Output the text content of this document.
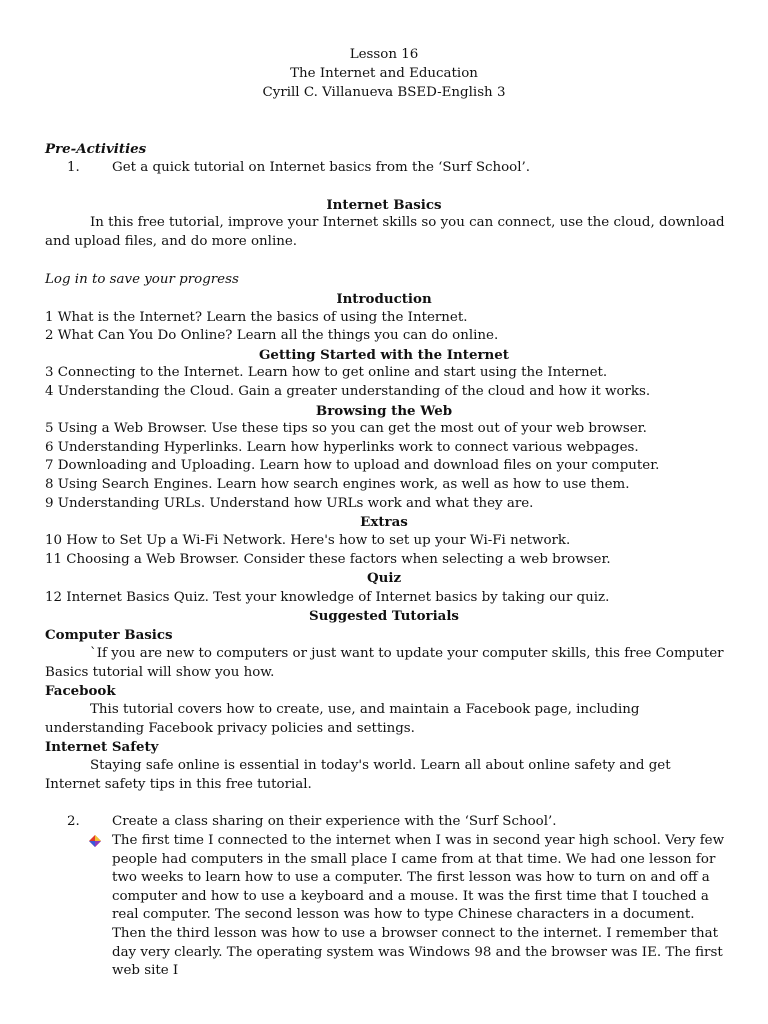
Lesson 16
The Internet and Education
Cyrill C. Villanueva BSED-English 3
Pre-Activities
1. Get a quick tutorial on Internet basics from the ‘Surf School’.
Internet Basics
In this free tutorial, improve your Internet skills so you can connect, use the cloud, download and upload files, and do more online.
Log in to save your progress
Introduction
1 What is the Internet? Learn the basics of using the Internet.
2 What Can You Do Online? Learn all the things you can do online.
Getting Started with the Internet
3 Connecting to the Internet. Learn how to get online and start using the Internet.
4 Understanding the Cloud. Gain a greater understanding of the cloud and how it works.
Browsing the Web
5 Using a Web Browser. Use these tips so you can get the most out of your web browser.
6 Understanding Hyperlinks. Learn how hyperlinks work to connect various webpages.
7 Downloading and Uploading. Learn how to upload and download files on your computer.
8 Using Search Engines. Learn how search engines work, as well as how to use them.
9 Understanding URLs. Understand how URLs work and what they are.
Extras
10 How to Set Up a Wi-Fi Network. Here's how to set up your Wi-Fi network.
11 Choosing a Web Browser. Consider these factors when selecting a web browser.
Quiz
12 Internet Basics Quiz. Test your knowledge of Internet basics by taking our quiz.
Suggested Tutorials
Computer Basics
`If you are new to computers or just want to update your computer skills, this free Computer Basics tutorial will show you how.
Facebook
This tutorial covers how to create, use, and maintain a Facebook page, including understanding Facebook privacy policies and settings.
Internet Safety
Staying safe online is essential in today's world. Learn all about online safety and get Internet safety tips in this free tutorial.
2. Create a class sharing on their experience with the ‘Surf School’.
The first time I connected to the internet when I was in second year high school. Very few people had computers in the small place I came from at that time. We had one lesson for two weeks to learn how to use a computer. The first lesson was how to turn on and off a computer and how to use a keyboard and a mouse. It was the first time that I touched a real computer. The second lesson was how to type Chinese characters in a document. Then the third lesson was how to use a browser connect to the internet. I remember that day very clearly. The operating system was Windows 98 and the browser was IE. The first web site I
